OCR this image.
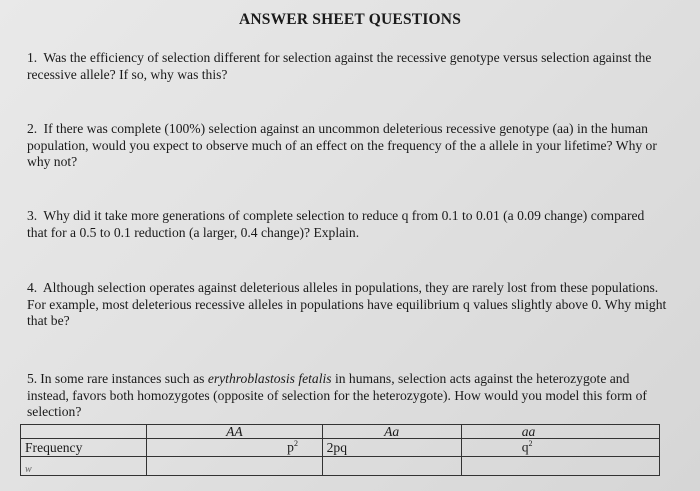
ANSWER SHEET QUESTIONS
1. Was the efficiency of selection different for selection against the recessive genotype versus selection against the recessive allele? If so, why was this?
2. If there was complete (100%) selection against an uncommon deleterious recessive genotype (aa) in the human population, would you expect to observe much of an effect on the frequency of the a allele in your lifetime? Why or why not?
3. Why did it take more generations of complete selection to reduce q from 0.1 to 0.01 (a 0.09 change) compared that for a 0.5 to 0.1 reduction (a larger, 0.4 change)? Explain.
4. Although selection operates against deleterious alleles in populations, they are rarely lost from these populations. For example, most deleterious recessive alleles in populations have equilibrium q values slightly above 0. Why might that be?
5. In some rare instances such as erythroblastosis fetalis in humans, selection acts against the heterozygote and instead, favors both homozygotes (opposite of selection for the heterozygote). How would you model this form of selection?
	AA	Aa	aa
Frequency	$p^2$	2pq	$q^2$
w			
